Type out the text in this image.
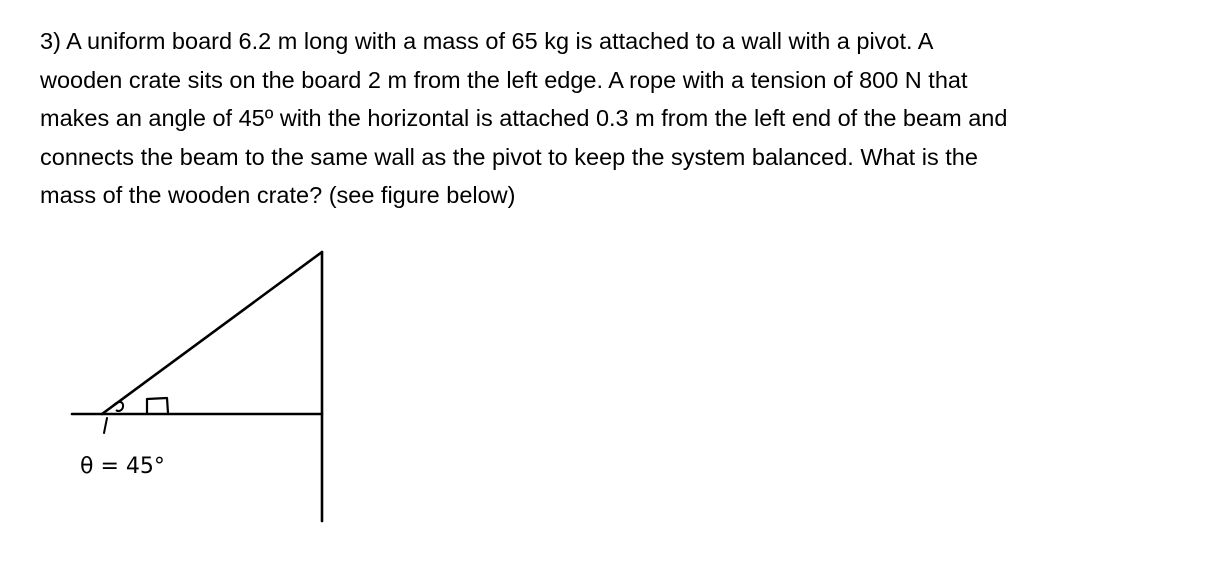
3) A uniform board 6.2 m long with a mass of 65 kg is attached to a wall with a pivot. A
wooden crate sits on the board 2 m from the left edge. A rope with a tension of 800 N that
makes an angle of 45º with the horizontal is attached 0.3 m from the left end of the beam and
connects the beam to the same wall as the pivot to keep the system balanced. What is the
mass of the wooden crate? (see figure below)
θ = 45°
